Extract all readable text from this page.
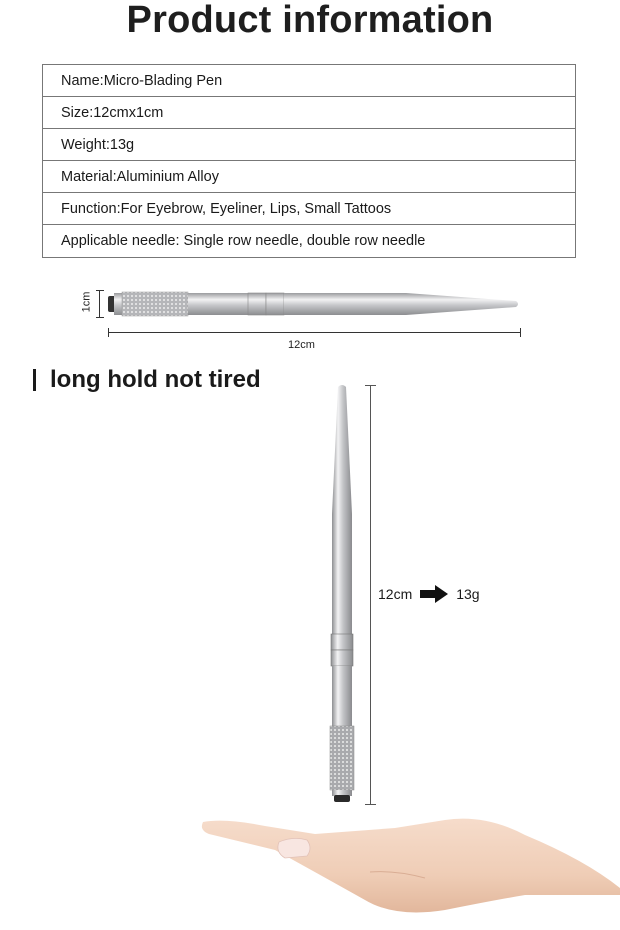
Product information
Name:Micro-Blading Pen
Size:12cmx1cm
Weight:13g
Material:Aluminium Alloy
Function:For Eyebrow, Eyeliner, Lips, Small Tattoos
Applicable needle: Single row needle, double row needle
1cm
12cm
long hold not tired
12cm	13g
